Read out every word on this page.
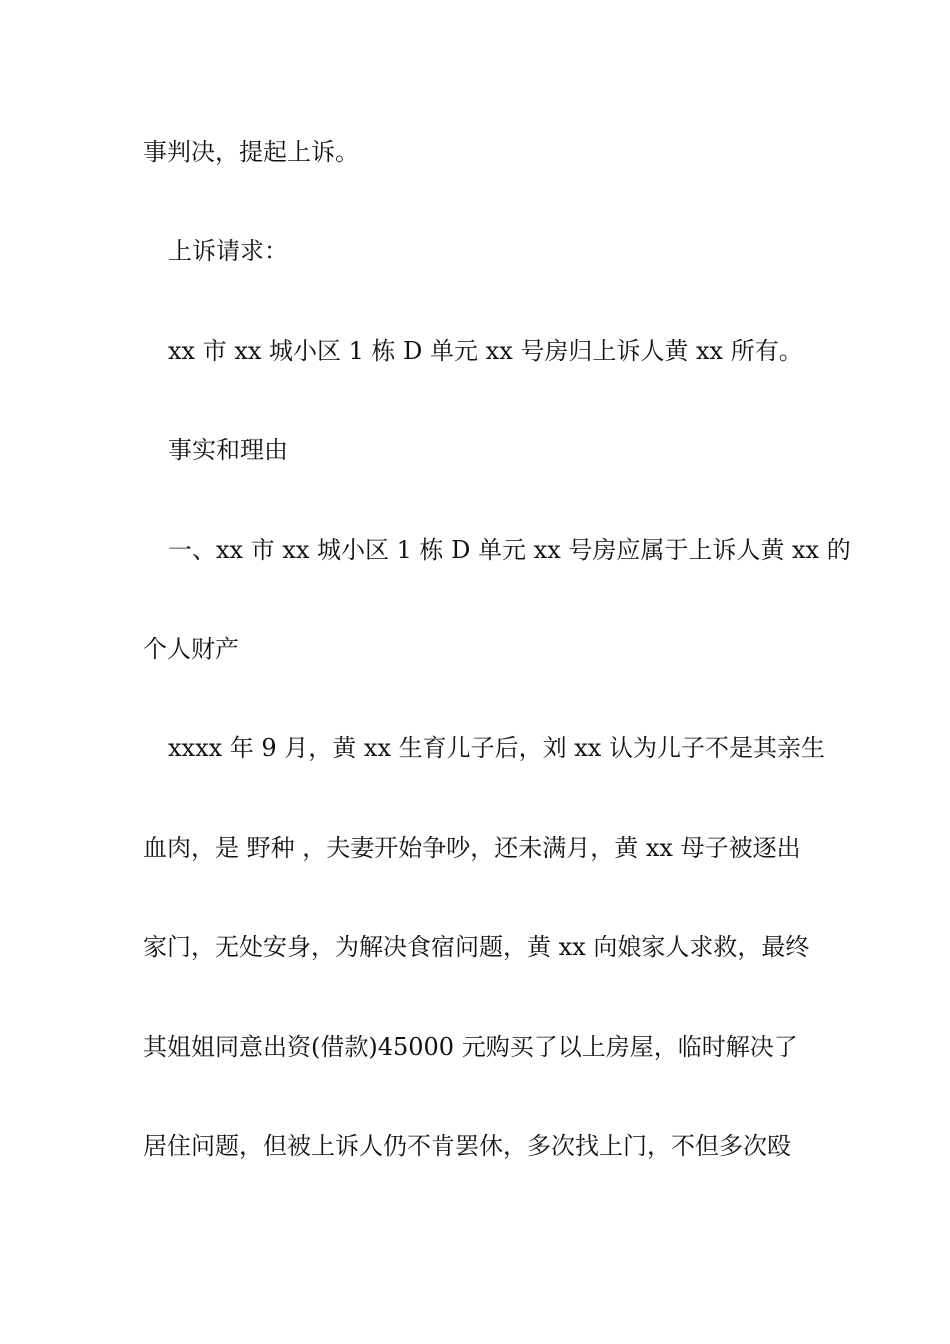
事判决，提起上诉。
上诉请求：
xx 市 xx 城小区 1 栋 D 单元 xx 号房归上诉人黄 xx 所有。
事实和理由
一、xx 市 xx 城小区 1 栋 D 单元 xx 号房应属于上诉人黄 xx 的
个人财产
xxxx 年 9 月，黄 xx 生育儿子后，刘 xx 认为儿子不是其亲生
血肉，是 野种 ，夫妻开始争吵，还未满月，黄 xx 母子被逐出
家门，无处安身，为解决食宿问题，黄 xx 向娘家人求救，最终
其姐姐同意出资(借款)45000 元购买了以上房屋，临时解决了
居住问题，但被上诉人仍不肯罢休，多次找上门，不但多次殴
